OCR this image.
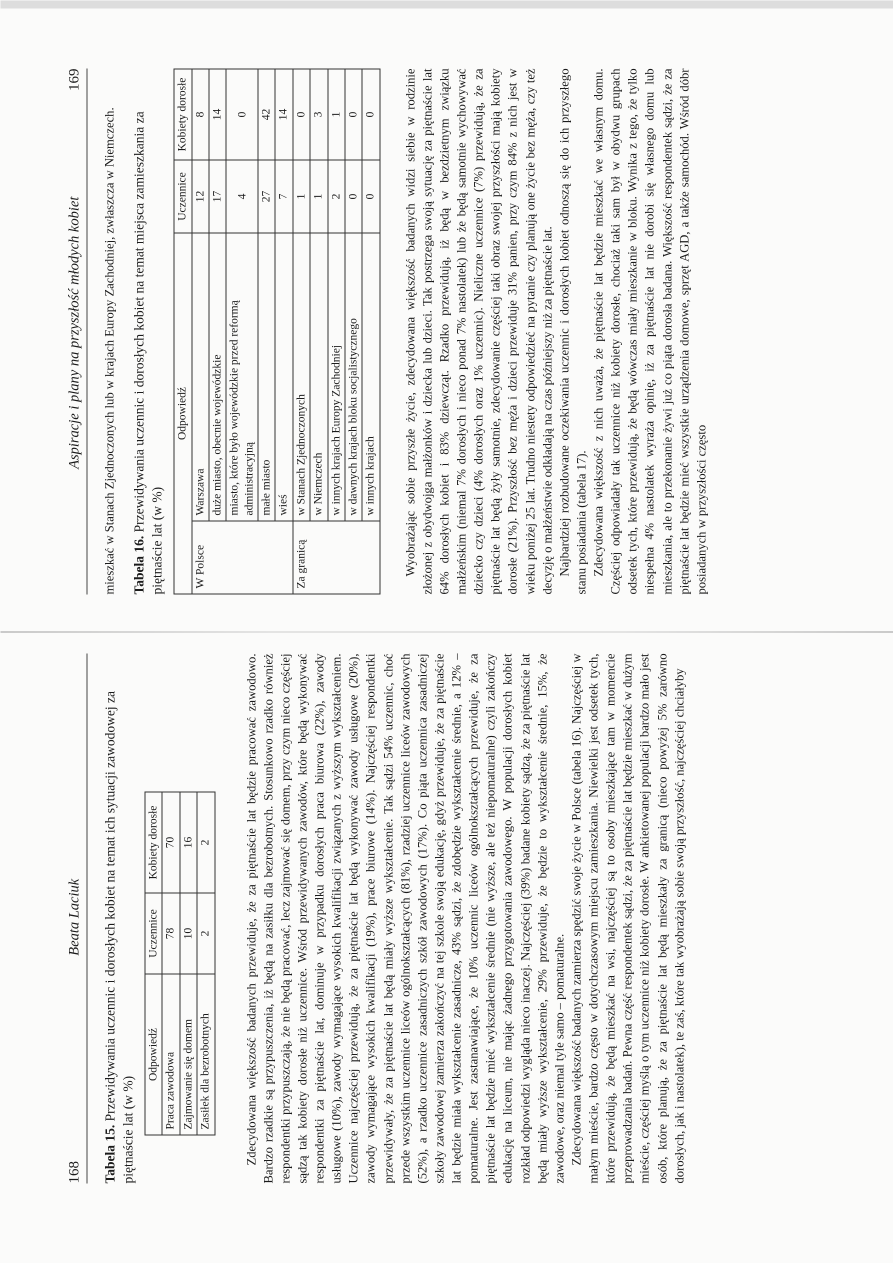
168
Beata Laciuk

Tabela 15. Przewidywania uczennic i dorosłych kobiet na temat ich sytuacji zawodowej za piętnaście lat (w %)

Odpowiedź	Uczennice	Kobiety dorosłe
Praca zawodowa	78	70
Zajmowanie się domem	10	16
Zasiłek dla bezrobotnych	2	2	Zdecydowana większość badanych przewiduje, że za piętnaście lat będzie pracować zawodowo. Bardzo rzadkie są przypuszczenia, iż będą na zasiłku dla bezrobotnych. Stosunkowo rzadko również respondentki przypuszczają, że nie będą pracować, lecz zajmować się domem, przy czym nieco częściej sądzą tak kobiety dorosłe niż uczennice. Wśród przewidywanych zawodów, które będą wykonywać respondentki za piętnaście lat, dominuje w przypadku dorosłych praca biurowa (22%), zawody usługowe (10%), zawody wymagające wysokich kwalifikacji związanych z wyższym wykształceniem. Uczennice najczęściej przewidują, że za piętnaście lat będą wykonywać zawody usługowe (20%), zawody wymagające wysokich kwalifikacji (19%), prace biurowe (14%). Najczęściej respondentki przewidywały, że za piętnaście lat będą miały wyższe wykształcenie. Tak sądzi 54% uczennic, choć przede wszystkim uczennice liceów ogólnokształcących (81%), rzadziej uczennice liceów zawodowych (52%), a rzadko uczennice zasadniczych szkół zawodowych (17%). Co piąta uczennica zasadniczej szkoły zawodowej zamierza zakończyć na tej szkole swoją edukację, gdyż przewiduje, że za piętnaście lat będzie miała wykształcenie zasadnicze, 43% sądzi, że zdobędzie wykształcenie średnie, a 12% – pomaturalne. Jest zastanawiające, że 10% uczennic liceów ogólnokształcących przewiduje, że za piętnaście lat będzie mieć wykształcenie średnie (nie wyższe, ale też niepomaturalne) czyli zakończy edukację na liceum, nie mając żadnego przygotowania zawodowego. W populacji dorosłych kobiet rozkład odpowiedzi wygląda nieco inaczej. Najczęściej (39%) badane kobiety sądzą, że za piętnaście lat będą miały wyższe wykształcenie, 29% przewiduje, że będzie to wykształcenie średnie, 15%, że zawodowe, oraz niemal tyle samo – pomaturalne. Zdecydowana większość badanych zamierza spędzić swoje życie w Polsce (tabela 16). Najczęściej w małym mieście, bardzo często w dotychczasowym miejscu zamieszkania. Niewielki jest odsetek tych, które przewidują, że będą mieszkać na wsi, najczęściej są to osoby mieszkające tam w momencie przeprowadzania badań. Pewna część respondentek sądzi, że za piętnaście lat będzie mieszkać w dużym mieście, częściej myślą o tym uczennice niż kobiety dorosłe. W ankietowanej populacji bardzo mało jest osób, które planują, że za piętnaście lat będą mieszkały za granicą (nieco powyżej 5% zarówno dorosłych, jak i nastolatek), te zaś, które tak wyobrażają sobie swoją przyszłość, najczęściej chciałyby

Aspiracje i plany na przyszłość młodych kobiet
169

mieszkać w Stanach Zjednoczonych lub w krajach Europy Zachodniej, zwłaszcza w Niemczech. Tabela 16. Przewidywania uczennic i dorosłych kobiet na temat miejsca zamieszkania za piętnaście lat (w %)

Odpowiedź		Uczennice	Kobiety dorosłe
W Polsce	Warszawa	12	8
	duże miasto, obecnie wojewódzkie	17	14
	miasto, które było wojewódzkie przed reformą administracyjną	4	0
	małe miasto	27	42
	wieś	7	14
Za granicą	w Stanach Zjednoczonych	1	0
	w Niemczech	1	3
	w innych krajach Europy Zachodniej	2	1
	w dawnych krajach bloku socjalistycznego	0	0
	w innych krajach	0	0 Wyobrażając sobie przyszłe życie, zdecydowana większość badanych widzi siebie w rodzinie złożonej z obydwojga małżonków i dziecka lub dzieci. Tak postrzega swoją sytuację za piętnaście lat 64% dorosłych kobiet i 83% dziewcząt. Rzadko przewidują, iż będą w bezdzietnym związku małżeńskim (niemal 7% dorosłych i nieco ponad 7% nastolatek) lub że będą samotnie wychowywać dziecko czy dzieci (4% dorosłych oraz 1% uczennic). Nieliczne uczennice (7%) przewidują, że za piętnaście lat będą żyły samotnie, zdecydowanie częściej taki obraz swojej przyszłości mają kobiety dorosłe (21%). Przyszłość bez męża i dzieci przewiduje 31% panien, przy czym 84% z nich jest w wieku poniżej 25 lat. Trudno niestety odpowiedzieć na pytanie czy planują one życie bez męża, czy też decyzję o małżeństwie odkładają na czas późniejszy niż za piętnaście lat. Najbardziej rozbudowane oczekiwania uczennic i dorosłych kobiet odnoszą się do ich przyszłego stanu posiadania (tabela 17). Zdecydowana większość z nich uważa, że piętnaście lat będzie mieszkać we własnym domu. Częściej odpowiadały tak uczennice niż kobiety dorosłe, chociaż taki sam był w obydwu grupach odsetek tych, które przewidują, że będą wówczas miały mieszkanie w bloku. Wynika z tego, że tylko niespełna 4% nastolatek wyraża opinię, iż za piętnaście lat nie dorobi się własnego domu lub mieszkania, ale to przekonanie żywi już co piąta dorosła badana. Większość respondentek sądzi, że za piętnaście lat będzie mieć wszystkie urządzenia domowe, sprzęt AGD, a także samochód. Wśród dóbr posiadanych w przyszłości często
